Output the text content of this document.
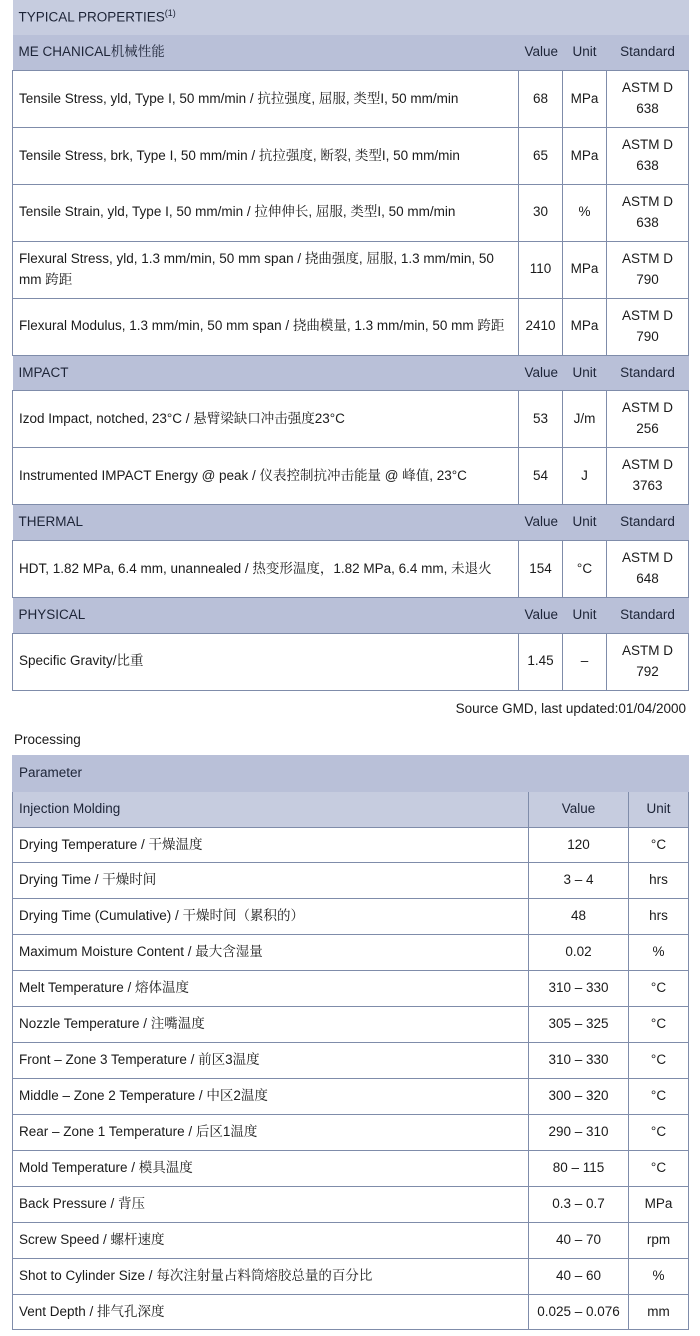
TYPICAL PROPERTIES$^{(1)}$
ME CHANICAL机械性能	Value	Unit	Standard
Tensile Stress, yld, Type I, 50 mm/min / 抗拉强度, 屈服, 类型I, 50 mm/min	68	MPa	ASTM D 638
Tensile Stress, brk, Type I, 50 mm/min / 抗拉强度, 断裂, 类型I, 50 mm/min	65	MPa	ASTM D 638
Tensile Strain, yld, Type I, 50 mm/min / 拉伸伸长, 屈服, 类型I, 50 mm/min	30	%	ASTM D 638
Flexural Stress, yld, 1.3 mm/min, 50 mm span / 挠曲强度, 屈服, 1.3 mm/min, 50 mm 跨距	110	MPa	ASTM D 790
Flexural Modulus, 1.3 mm/min, 50 mm span / 挠曲模量, 1.3 mm/min, 50 mm 跨距	2410	MPa	ASTM D 790
IMPACT	Value	Unit	Standard
Izod Impact, notched, 23°C / 悬臂梁缺口冲击强度23°C	53	J/m	ASTM D 256
Instrumented IMPACT Energy @ peak / 仪表控制抗冲击能量 @ 峰值, 23°C	54	J	ASTM D 3763
THERMAL	Value	Unit	Standard
HDT, 1.82 MPa, 6.4 mm, unannealed / 热变形温度，1.82 MPa, 6.4 mm, 未退火	154	°C	ASTM D 648
PHYSICAL	Value	Unit	Standard
Specific Gravity/比重	1.45	–	ASTM D 792
Source GMD, last updated:01/04/2000
Processing
Parameter		
Injection Molding	Value	Unit
Drying Temperature / 干燥温度	120	°C
Drying Time / 干燥时间	3 – 4	hrs
Drying Time (Cumulative) / 干燥时间（累积的）	48	hrs
Maximum Moisture Content / 最大含湿量	0.02	%
Melt Temperature / 熔体温度	310 – 330	°C
Nozzle Temperature / 注嘴温度	305 – 325	°C
Front – Zone 3 Temperature / 前区3温度	310 – 330	°C
Middle – Zone 2 Temperature / 中区2温度	300 – 320	°C
Rear – Zone 1 Temperature / 后区1温度	290 – 310	°C
Mold Temperature / 模具温度	80 – 115	°C
Back Pressure / 背压	0.3 – 0.7	MPa
Screw Speed / 螺杆速度	40 – 70	rpm
Shot to Cylinder Size / 每次注射量占料筒熔胶总量的百分比	40 – 60	%
Vent Depth / 排气孔深度	0.025 – 0.076	mm
